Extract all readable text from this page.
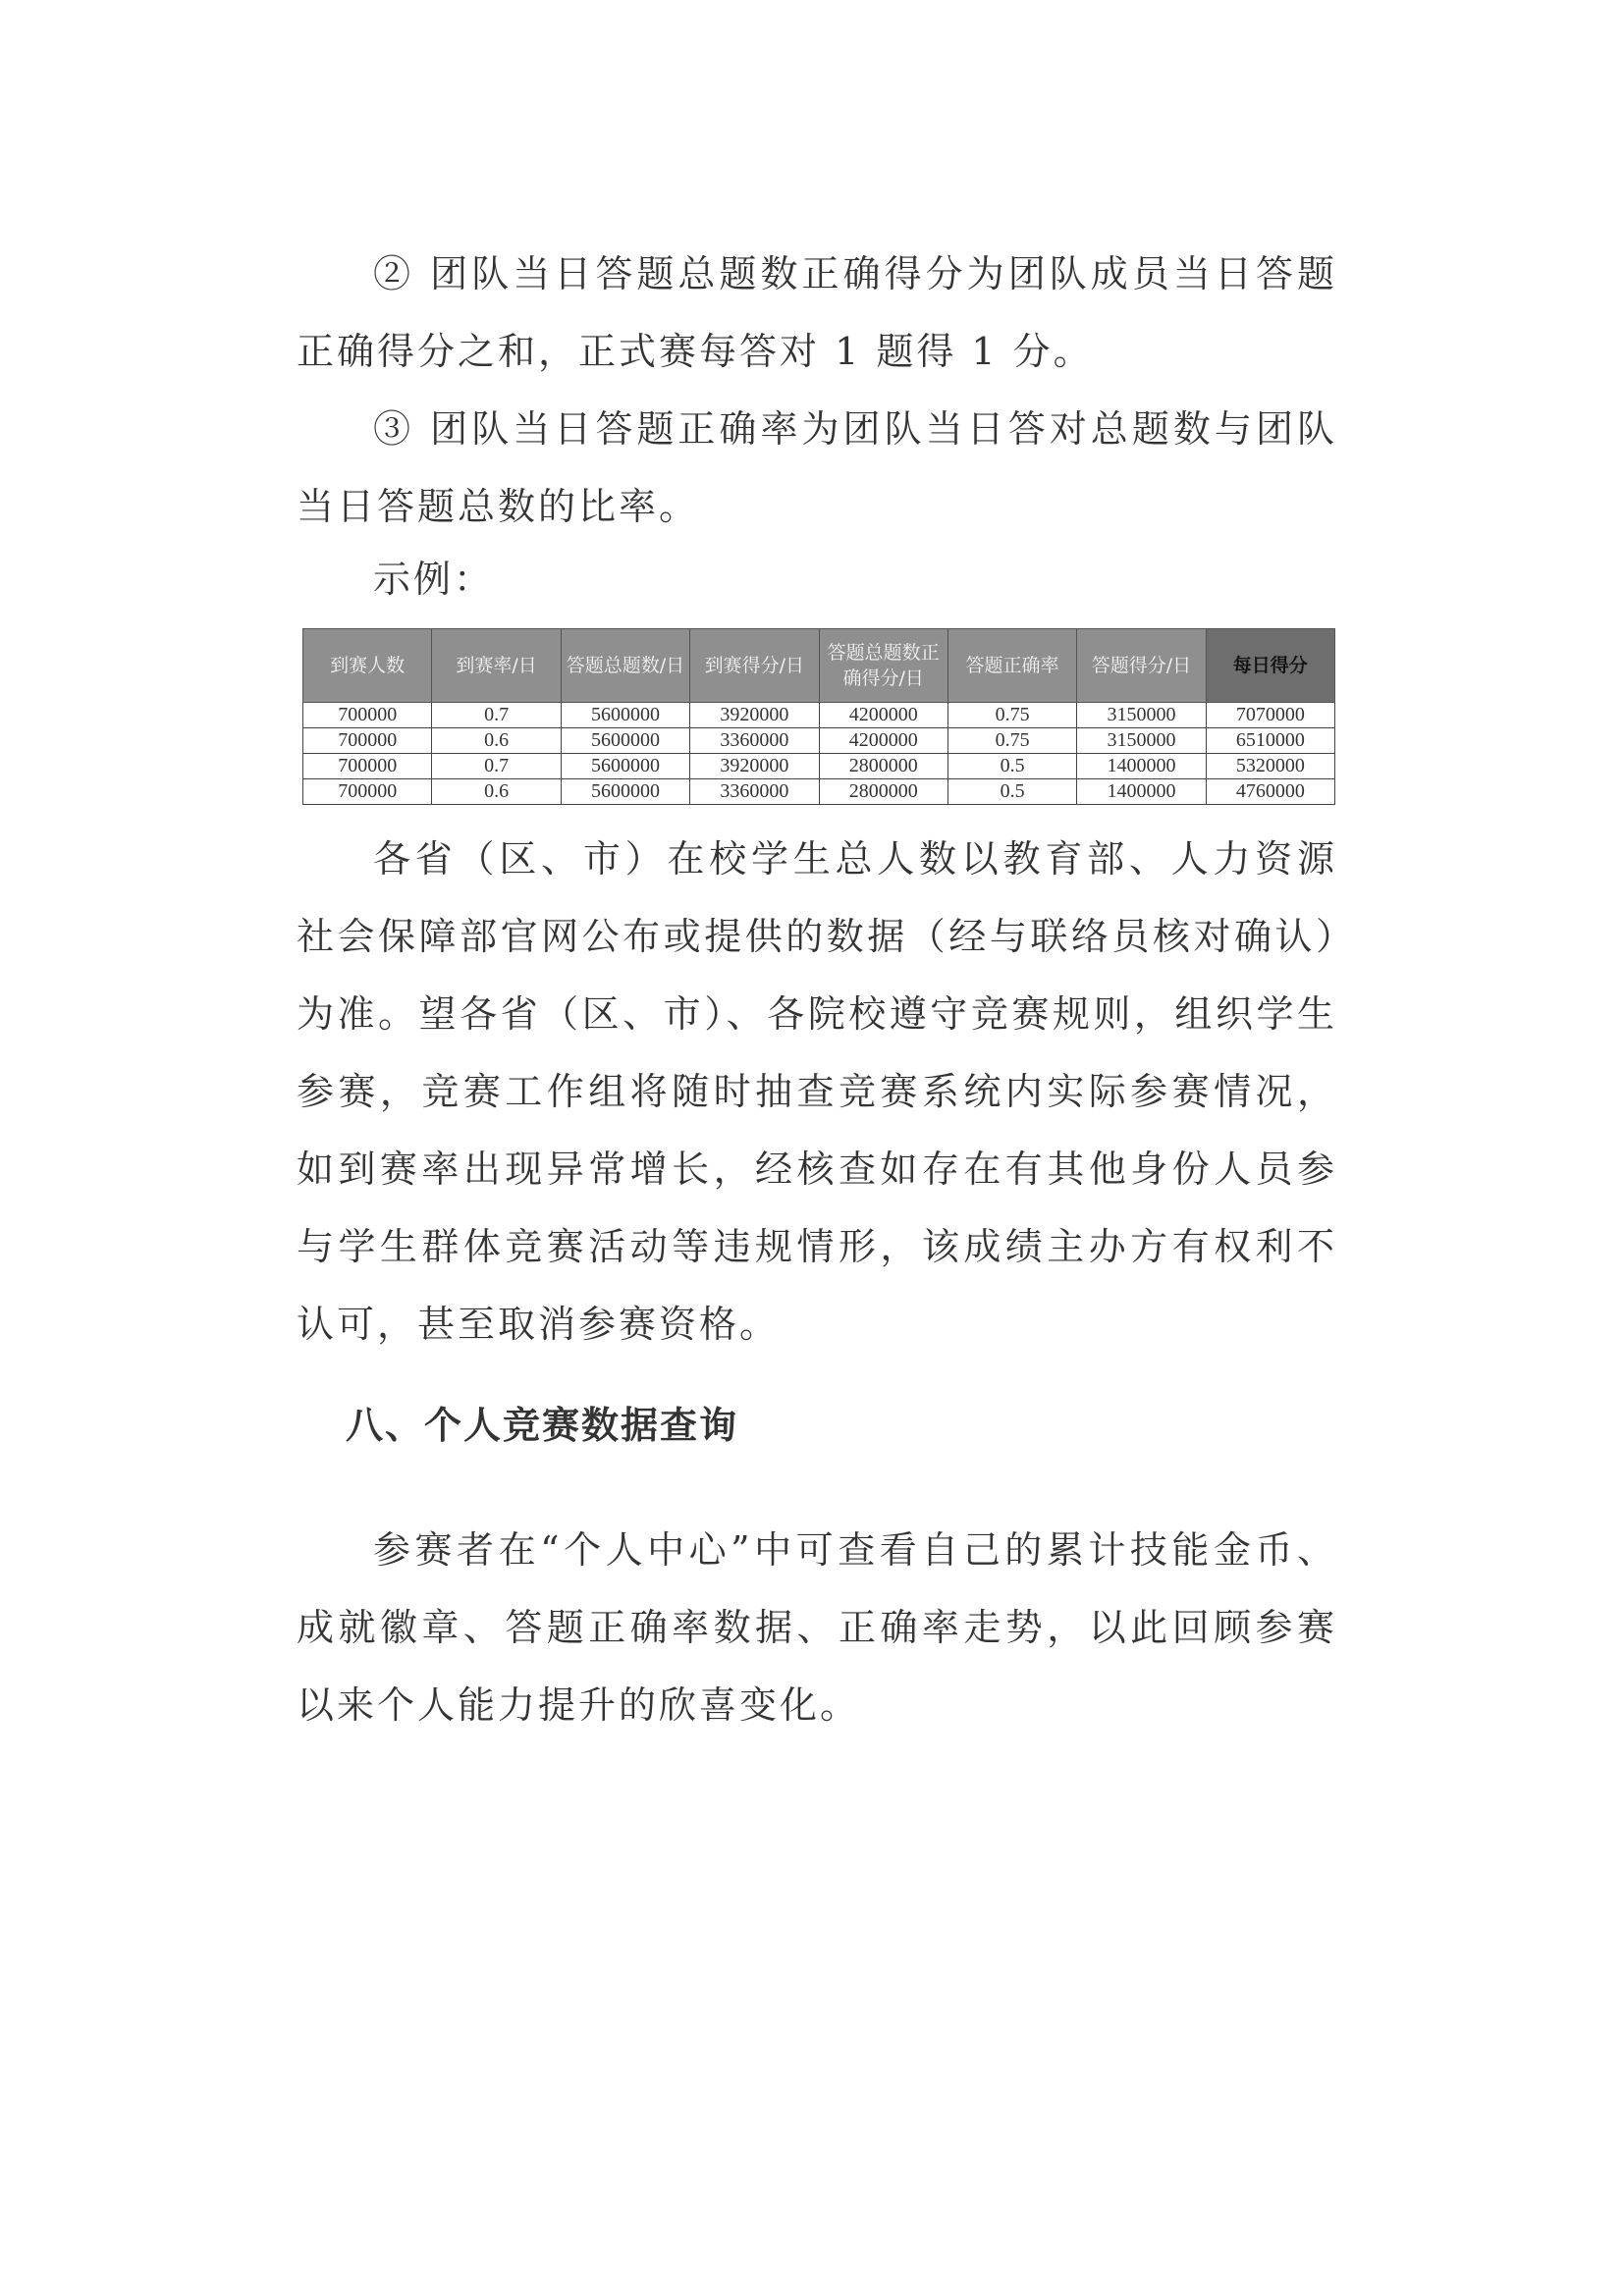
② 团队当日答题总题数正确得分为团队成员当日答题正确得分之和，正式赛每答对 1 题得 1 分。

③ 团队当日答题正确率为团队当日答对总题数与团队当日答题总数的比率。

示例：

到赛人数	到赛率/日	答题总题数/日	到赛得分/日	答题总题数正确得分/日	答题正确率	答题得分/日	每日得分
700000	0.7	5600000	3920000	4200000	0.75	3150000	7070000
700000	0.6	5600000	3360000	4200000	0.75	3150000	6510000
700000	0.7	5600000	3920000	2800000	0.5	1400000	5320000
700000	0.6	5600000	3360000	2800000	0.5	1400000	4760000

各省（区、市）在校学生总人数以教育部、人力资源社会保障部官网公布或提供的数据（经与联络员核对确认）为准。望各省（区、市）、各院校遵守竞赛规则，组织学生参赛，竞赛工作组将随时抽查竞赛系统内实际参赛情况，如到赛率出现异常增长，经核查如存在有其他身份人员参与学生群体竞赛活动等违规情形，该成绩主办方有权利不认可，甚至取消参赛资格。

八、个人竞赛数据查询

参赛者在“个人中心”中可查看自己的累计技能金币、成就徽章、答题正确率数据、正确率走势，以此回顾参赛以来个人能力提升的欣喜变化。
